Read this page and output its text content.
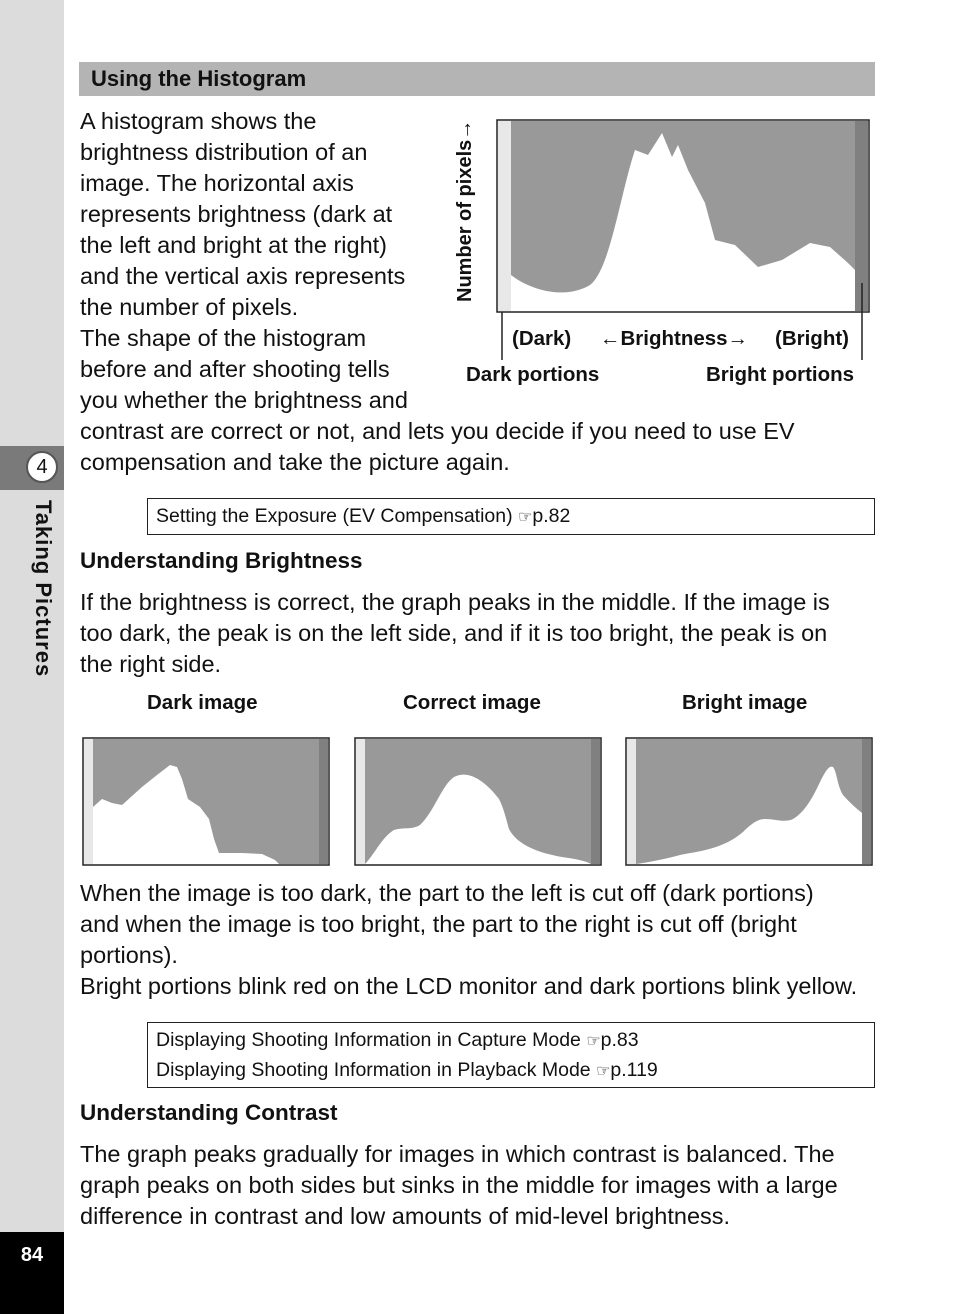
4
Taking Pictures
84
Using the Histogram
A histogram shows the
brightness distribution of an
image. The horizontal axis
represents brightness (dark at
the left and bright at the right)
and the vertical axis represents
the number of pixels.
The shape of the histogram
before and after shooting tells
you whether the brightness and
contrast are correct or not, and lets you decide if you need to use EV
compensation and take the picture again.
Number of pixels→
(Dark) ←Brightness→ (Bright)
Dark portions	Bright portions
Setting the Exposure (EV Compensation) ☞p.82
Understanding Brightness
If the brightness is correct, the graph peaks in the middle. If the image is
too dark, the peak is on the left side, and if it is too bright, the peak is on
the right side.
Dark image	Correct image	Bright image
When the image is too dark, the part to the left is cut off (dark portions)
and when the image is too bright, the part to the right is cut off (bright
portions).
Bright portions blink red on the LCD monitor and dark portions blink yellow.
Displaying Shooting Information in Capture Mode ☞p.83
Displaying Shooting Information in Playback Mode ☞p.119
Understanding Contrast
The graph peaks gradually for images in which contrast is balanced. The
graph peaks on both sides but sinks in the middle for images with a large
difference in contrast and low amounts of mid-level brightness.
